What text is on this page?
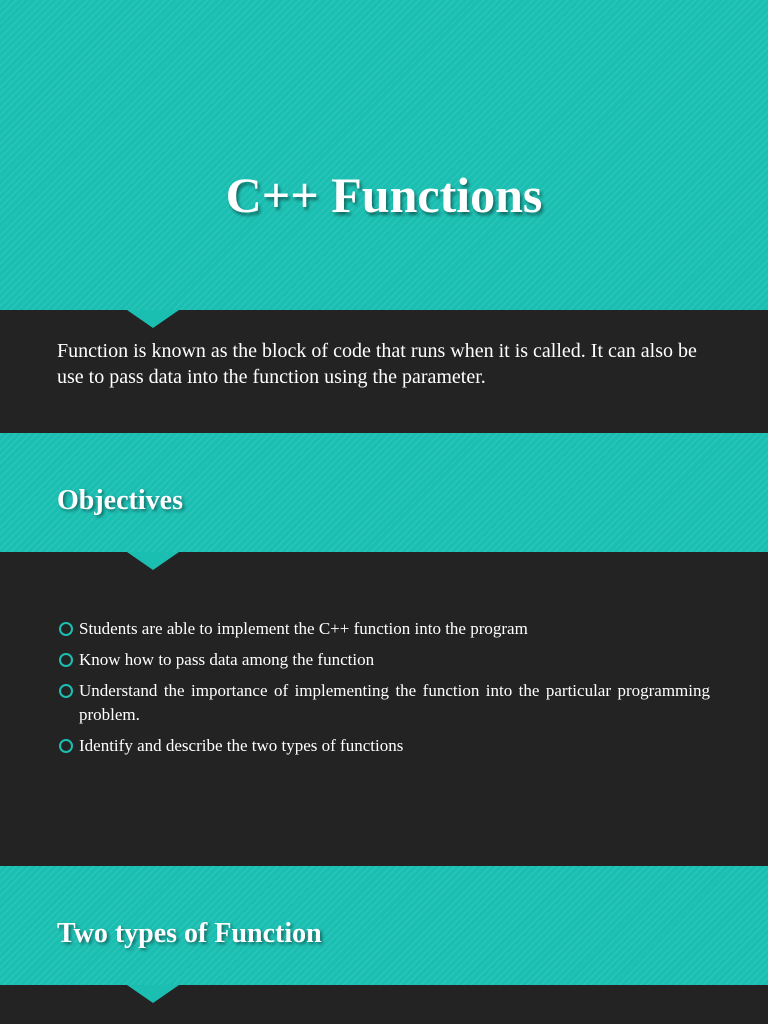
C++ Functions

Function is known as the block of code that runs when it is called. It can also be use to pass data into the function using the parameter.

Objectives
Students are able to implement the C++ function into the program
Know how to pass data among the function
Understand the importance of implementing the function into the particular programming problem.
Identify and describe the two types of functions
Two types of Function
